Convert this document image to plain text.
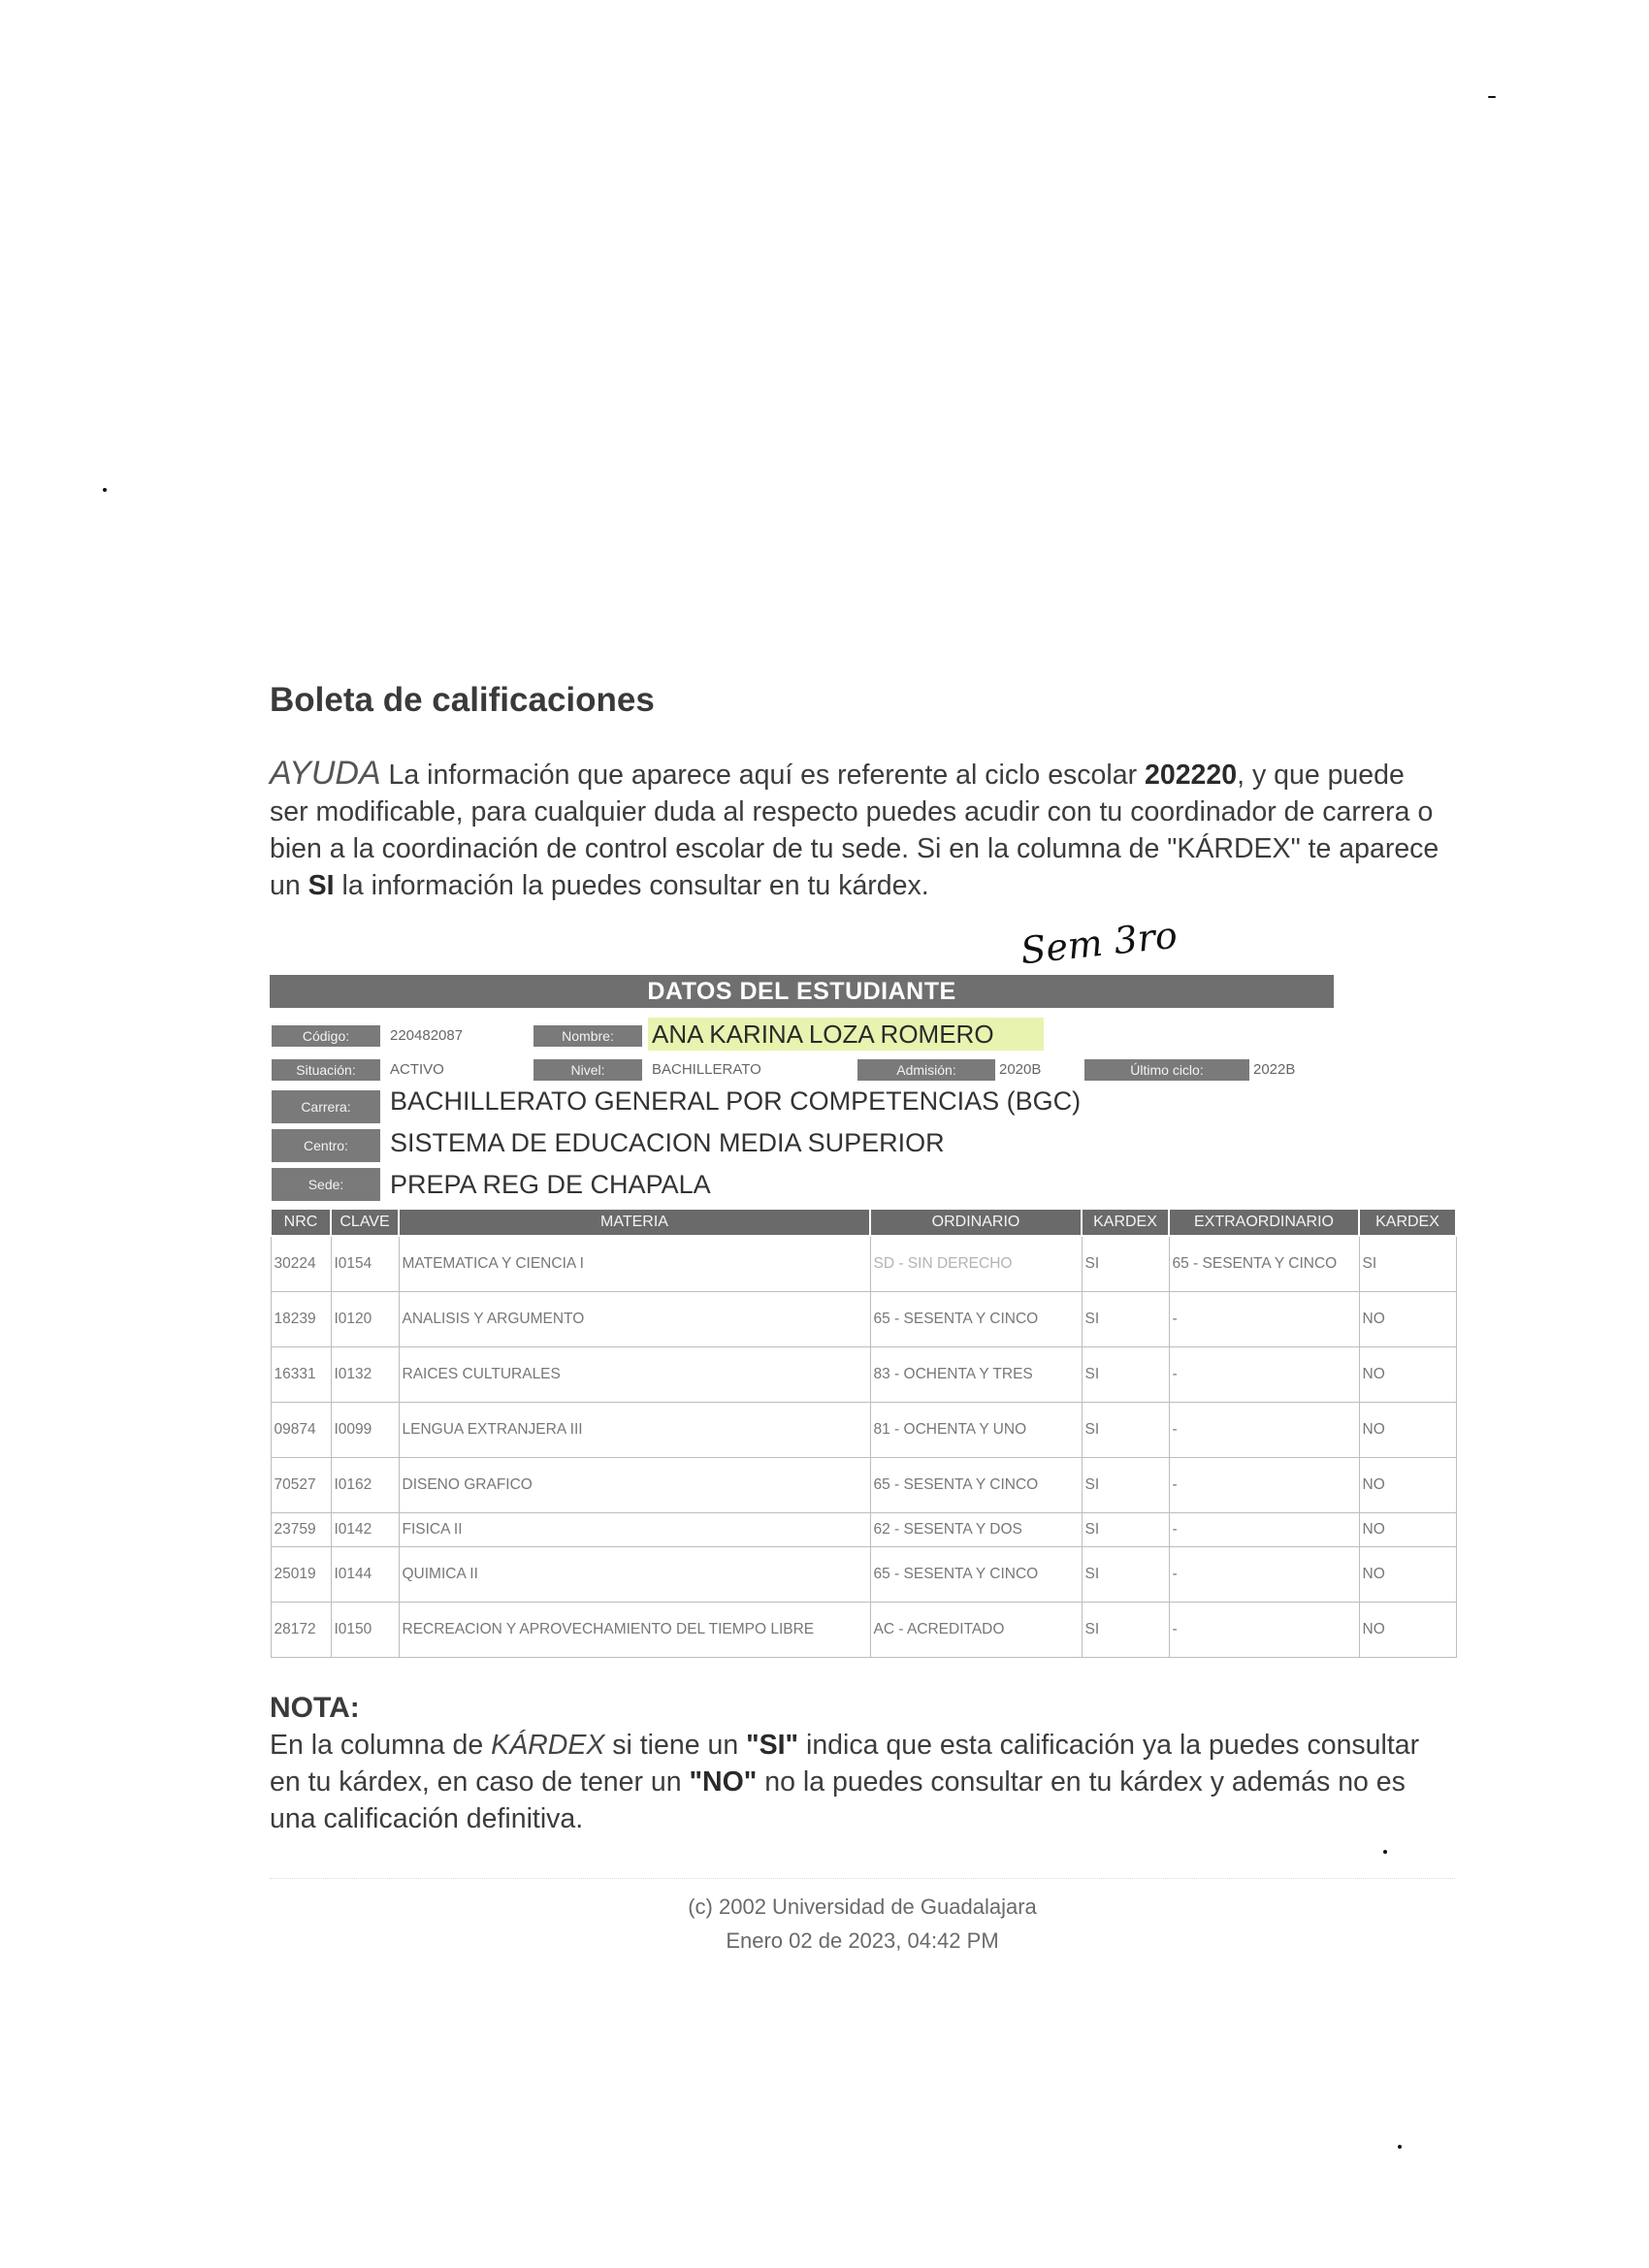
Boleta de calificaciones
AYUDA La información que aparece aquí es referente al ciclo escolar 202220, y que puede ser modificable, para cualquier duda al respecto puedes acudir con tu coordinador de carrera o bien a la coordinación de control escolar de tu sede. Si en la columna de "KÁRDEX" te aparece un SI la información la puedes consultar en tu kárdex.
Sem 3ro
DATOS DEL ESTUDIANTE
Código:	220482087	Nombre:	ANA KARINA LOZA ROMERO
Situación:	ACTIVO	Nivel:	BACHILLERATO	Admisión:	2020B	Último ciclo:	2022B
Carrera:	BACHILLERATO GENERAL POR COMPETENCIAS (BGC)
Centro:	SISTEMA DE EDUCACION MEDIA SUPERIOR
Sede:	PREPA REG DE CHAPALA
NRC	CLAVE	MATERIA	ORDINARIO	KARDEX	EXTRAORDINARIO	KARDEX
30224	I0154	MATEMATICA Y CIENCIA I	SD - SIN DERECHO	SI	65 - SESENTA Y CINCO	SI
18239	I0120	ANALISIS Y ARGUMENTO	65 - SESENTA Y CINCO	SI	-	NO
16331	I0132	RAICES CULTURALES	83 - OCHENTA Y TRES	SI	-	NO
09874	I0099	LENGUA EXTRANJERA III	81 - OCHENTA Y UNO	SI	-	NO
70527	I0162	DISENO GRAFICO	65 - SESENTA Y CINCO	SI	-	NO
23759	I0142	FISICA II	62 - SESENTA Y DOS	SI	-	NO
25019	I0144	QUIMICA II	65 - SESENTA Y CINCO	SI	-	NO
28172	I0150	RECREACION Y APROVECHAMIENTO DEL TIEMPO LIBRE	AC - ACREDITADO	SI	-	NO
NOTA:
En la columna de KÁRDEX si tiene un "SI" indica que esta calificación ya la puedes consultar en tu kárdex, en caso de tener un "NO" no la puedes consultar en tu kárdex y además no es una calificación definitiva.
(c) 2002 Universidad de Guadalajara
Enero 02 de 2023, 04:42 PM
